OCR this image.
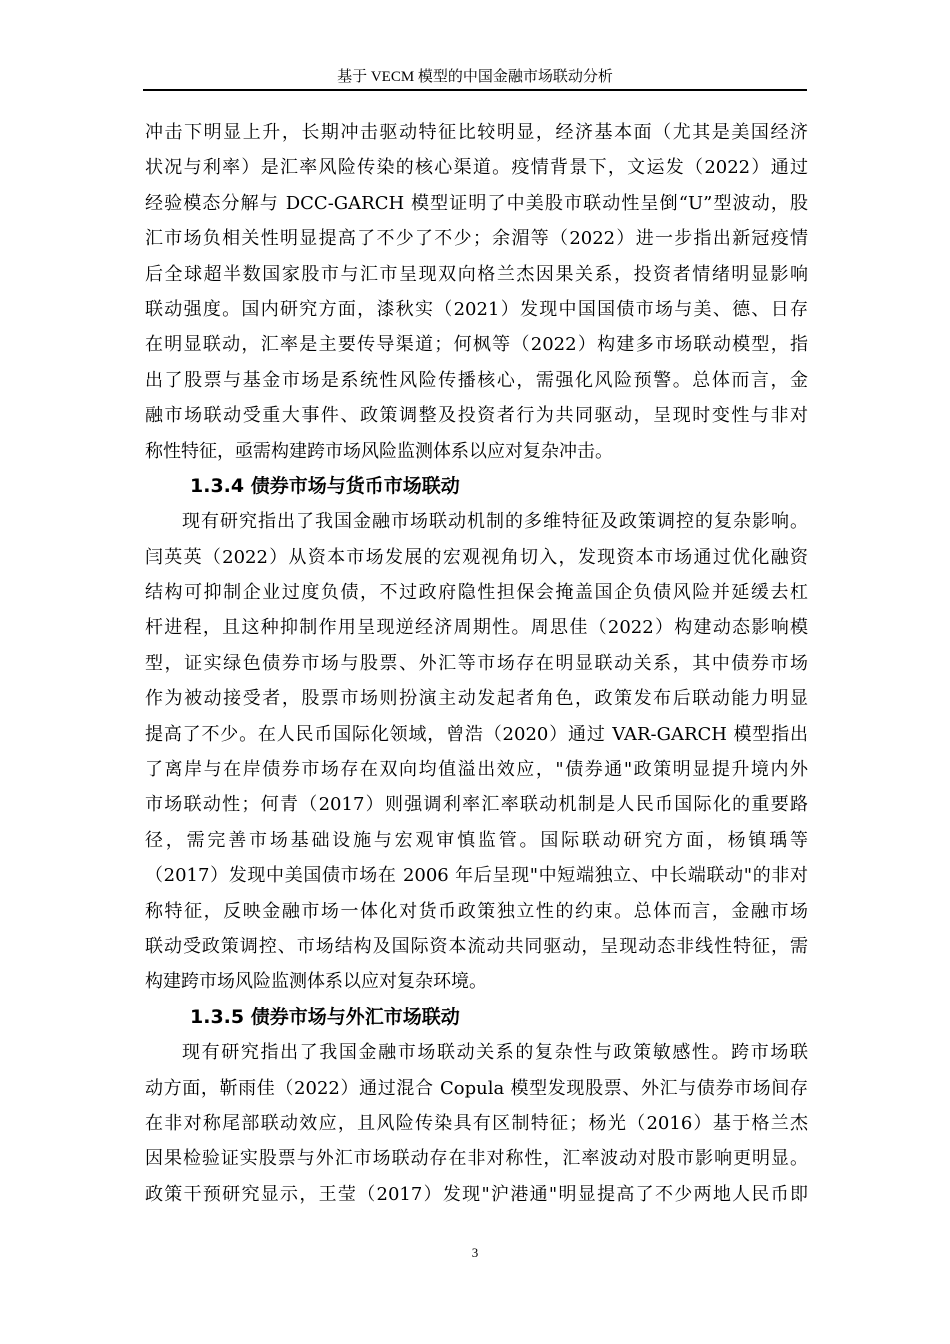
基于 VECM 模型的中国金融市场联动分析
冲击下明显上升，长期冲击驱动特征比较明显，经济基本面（尤其是美国经济
状况与利率）是汇率风险传染的核心渠道。疫情背景下，文运发（2022）通过
经验模态分解与 DCC-GARCH 模型证明了中美股市联动性呈倒“U”型波动，股
汇市场负相关性明显提高了不少了不少；余湄等（2022）进一步指出新冠疫情
后全球超半数国家股市与汇市呈现双向格兰杰因果关系，投资者情绪明显影响
联动强度。国内研究方面，漆秋实（2021）发现中国国债市场与美、德、日存
在明显联动，汇率是主要传导渠道；何枫等（2022）构建多市场联动模型，指
出了股票与基金市场是系统性风险传播核心，需强化风险预警。总体而言，金
融市场联动受重大事件、政策调整及投资者行为共同驱动，呈现时变性与非对
称性特征，亟需构建跨市场风险监测体系以应对复杂冲击。
1.3.4 债券市场与货币市场联动
现有研究指出了我国金融市场联动机制的多维特征及政策调控的复杂影响。
闫英英（2022）从资本市场发展的宏观视角切入，发现资本市场通过优化融资
结构可抑制企业过度负债，不过政府隐性担保会掩盖国企负债风险并延缓去杠
杆进程，且这种抑制作用呈现逆经济周期性。周思佳（2022）构建动态影响模
型，证实绿色债券市场与股票、外汇等市场存在明显联动关系，其中债券市场
作为被动接受者，股票市场则扮演主动发起者角色，政策发布后联动能力明显
提高了不少。在人民币国际化领域，曾浩（2020）通过 VAR-GARCH 模型指出
了离岸与在岸债券市场存在双向均值溢出效应，"债券通"政策明显提升境内外
市场联动性；何青（2017）则强调利率汇率联动机制是人民币国际化的重要路
径，需完善市场基础设施与宏观审慎监管。国际联动研究方面，杨镇瑀等
（2017）发现中美国债市场在 2006 年后呈现"中短端独立、中长端联动"的非对
称特征，反映金融市场一体化对货币政策独立性的约束。总体而言，金融市场
联动受政策调控、市场结构及国际资本流动共同驱动，呈现动态非线性特征，需
构建跨市场风险监测体系以应对复杂环境。
1.3.5 债券市场与外汇市场联动
现有研究指出了我国金融市场联动关系的复杂性与政策敏感性。跨市场联
动方面，靳雨佳（2022）通过混合 Copula 模型发现股票、外汇与债券市场间存
在非对称尾部联动效应，且风险传染具有区制特征；杨光（2016）基于格兰杰
因果检验证实股票与外汇市场联动存在非对称性，汇率波动对股市影响更明显。
政策干预研究显示，王莹（2017）发现"沪港通"明显提高了不少两地人民币即
3
